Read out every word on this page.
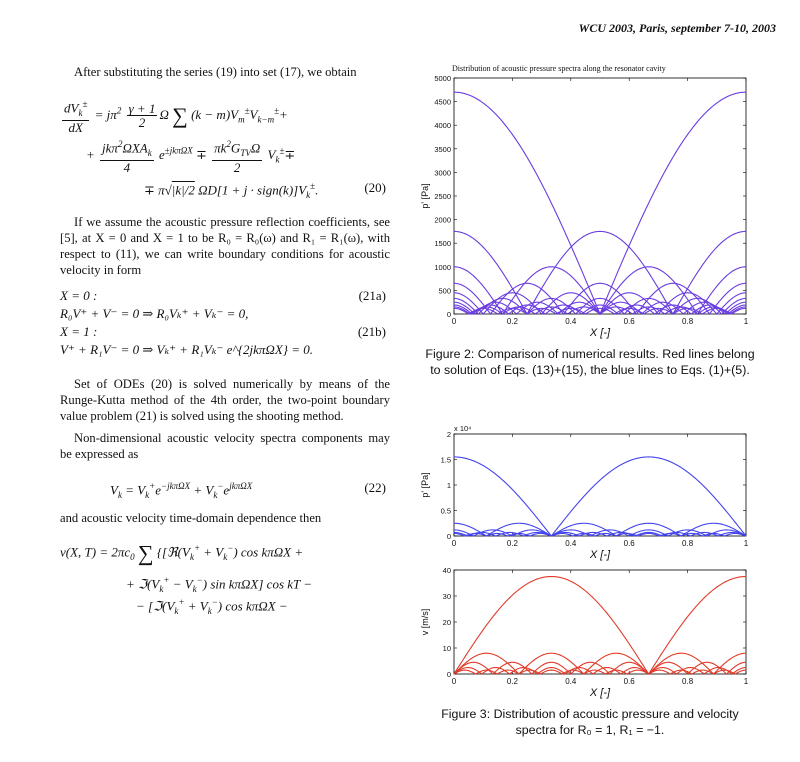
WCU 2003, Paris, september 7-10, 2003

After substituting the series (19) into set (17), we obtain

$\frac{dV_k^\pm}{dX} = j\pi^2 \frac{\gamma + 1}{2}$ Ω ∑ $(k - m)V_m^\pm V_{k-m}^\pm+$
+ $\frac{jk\pi^2\Omega XA_k}{4} e^{\pm jk\pi\Omega X} \mp \frac{\pi k^2G_{TV}\Omega}{2} V_k^\pm\mp$
∓ π√|k|/2 $\Omega D[1 + j \cdot sign(k)]V_k^\pm$.	(20)

If we assume the acoustic pressure reflection coefficients, see [5], at X = 0 and X = 1 to be R₀ = R₀(ω) and R₁ = R₁(ω), with respect to (11), we can write boundary conditions for acoustic velocity in form

X = 0 :	(21a)
R₀V⁺ + V⁻ = 0 ⇒ R₀Vₖ⁺ + Vₖ⁻ = 0,
X = 1 :	(21b)
V⁺ + R₁V⁻ = 0 ⇒ Vₖ⁺ + R₁Vₖ⁻ e^{2jkπΩX} = 0.

Set of ODEs (20) is solved numerically by means of the Runge-Kutta method of the 4th order, the two-point boundary value problem (21) is solved using the shooting method.

Non-dimensional acoustic velocity spectra components may be expressed as

$V_k = V_k^+e^{-jk\pi\Omega X} + V_k^-e^{jk\pi\Omega X}$	(22)

and acoustic velocity time-domain dependence then

v(X, $T) = 2\pi c_0$ ∑ {[$ℜ(V_k^+ + V_k^-)$ cos kπΩX +
+ $ℑ(V_k^+ - V_k^-)$ sin kπΩX] cos kT −
− [$ℑ(V_k^+ + V_k^-)$ cos kπΩX −
Distribution of acoustic pressure spectra along the resonator cavity
0	0.2	0.4	0.6	0.8	1
0
500
1000
1500
2000
2500
3000
3500
4000
4500
5000
X [-]
p' [Pa]
Figure 2: Comparison of numerical results. Red lines belong to solution of Eqs. (13)+(15), the blue lines to Eqs. (1)+(5).
0	0.2	0.4	0.6	0.8	1
0
0.5
1
1.5
2
X [-]
p' [Pa]
x 10⁴
0	0.2	0.4	0.6	0.8	1
0
10
20
30
40
X [-]
v [m/s]
Figure 3: Distribution of acoustic pressure and velocity spectra for R₀ = 1, R₁ = −1.
